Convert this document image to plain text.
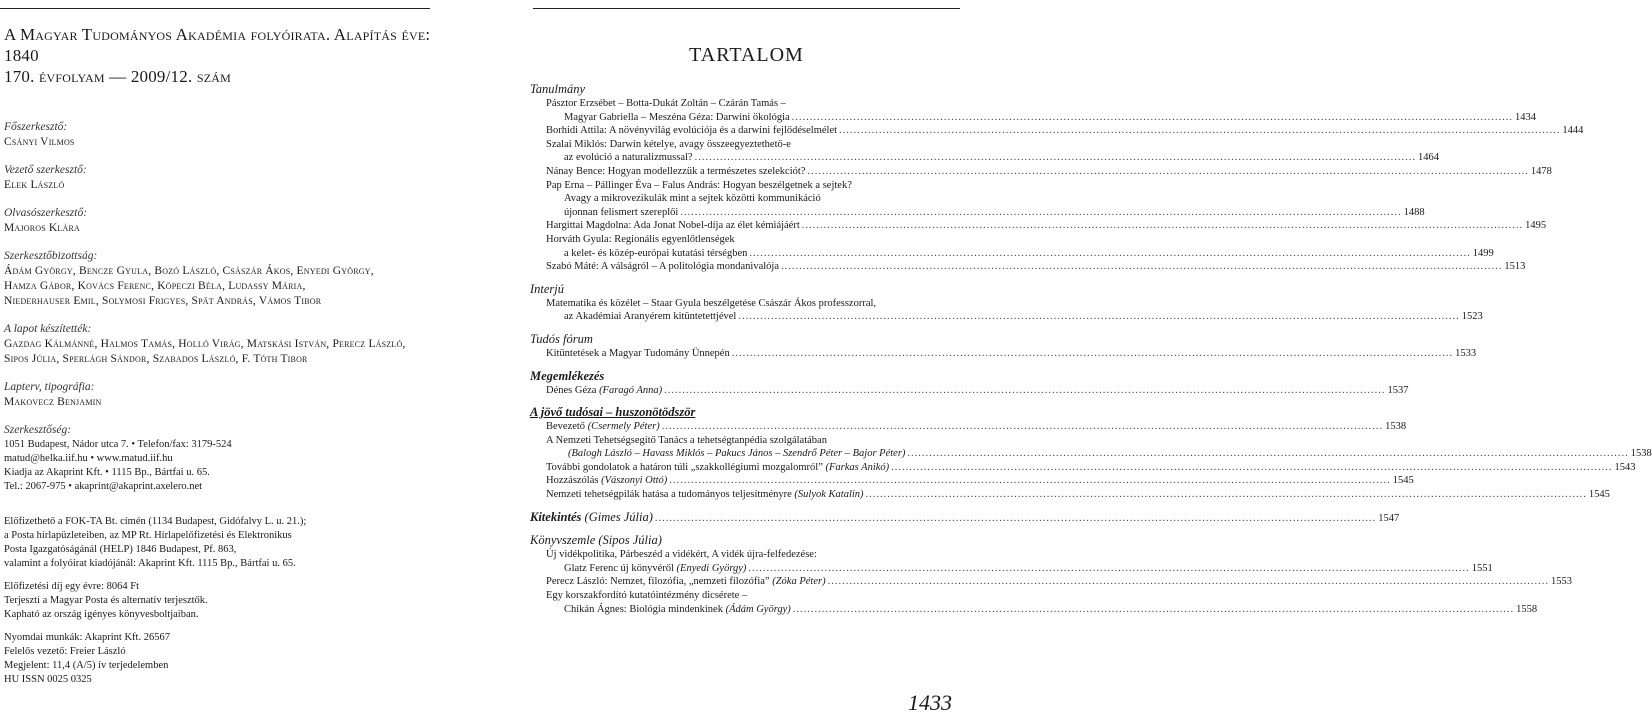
A Magyar Tudományos Akadémia folyóirata. Alapítás éve: 1840
170. évfolyam — 2009/12. szám
Főszerkesztő:
Csányi Vilmos
Vezető szerkesztő:
Elek László
Olvasószerkesztő:
Majoros Klára
Szerkesztőbizottság:
Ádám György, Bencze Gyula, Bozó László, Császár Ákos, Enyedi György,
Hamza Gábor, Kovács Ferenc, Köpeczi Béla, Ludassy Mária,
Niederhauser Emil, Solymosi Frigyes, Spät András, Vámos Tibor
A lapot készítették:
Gazdag Kálmánné, Halmos Tamás, Holló Virág, Matskási István, Perecz László,
Sipos Júlia, Sperlágh Sándor, Szabados László, F. Tóth Tibor
Lapterv, tipográfia:
Makovecz Benjamin
Szerkesztőség:
1051 Budapest, Nádor utca 7. • Telefon/fax: 3179-524
matud@helka.iif.hu • www.matud.iif.hu
Kiadja az Akaprint Kft. • 1115 Bp., Bártfai u. 65.
Tel.: 2067-975 • akaprint@akaprint.axelero.net
Előfizethető a FOK-TA Bt. címén (1134 Budapest, Gidófalvy L. u. 21.);
a Posta hírlapüzleteiben, az MP Rt. Hírlapelőfizetési és Elektronikus
Posta Igazgatóságánál (HELP) 1846 Budapest, Pf. 863,
valamint a folyóirat kiadójánál: Akaprint Kft. 1115 Bp., Bártfai u. 65.
Előfizetési díj egy évre: 8064 Ft
Terjeszti a Magyar Posta és alternatív terjesztők.
Kapható az ország igényes könyvesboltjaiban.
Nyomdai munkák: Akaprint Kft. 26567
Felelős vezető: Freier László
Megjelent: 11,4 (A/5) ív terjedelemben
HU ISSN 0025 0325
TARTALOM
Tanulmány
Pásztor Erzsébet – Botta-Dukát Zoltán – Czárán Tamás –
Magyar Gabriella – Meszéna Géza: Darwini ökológia .....	1434
Borhidi Attila: A növényvilág evolúciója és a darwini fejlődéselmélet .....	1444
Szalai Miklós: Darwin kételye, avagy összeegyeztethető-e
az evolúció a naturalizmussal? .....	1464
Nánay Bence: Hogyan modellezzük a természetes szelekciót? .....	1478
Pap Erna – Pállinger Éva – Falus András: Hogyan beszélgetnek a sejtek?
Avagy a mikrovezikulák mint a sejtek közötti kommunikáció
újonnan felismert szereplői .....	1488
Hargittai Magdolna: Ada Jonat Nobel-díja az élet kémiájáért .....	1495
Horváth Gyula: Regionális egyenlőtlenségek
a kelet- és közép-európai kutatási térségben .....	1499
Szabó Máté: A válságról – A politológia mondanivalója .....	1513
Interjú
Matematika és közélet – Staar Gyula beszélgetése Császár Ákos professzorral,
az Akadémiai Aranyérem kitüntetettjével .....	1523
Tudós fórum
Kitüntetések a Magyar Tudomány Ünnepén .....	1533
Megemlékezés
Dénes Géza (Faragó Anna) .....	1537
A jövő tudósai – huszonötödször
Bevezető (Csermely Péter) .....	1538
A Nemzeti Tehetségsegítő Tanács a tehetségtanpédia szolgálatában
(Balogh László – Havass Miklós – Pakucs János – Szendrő Péter – Bajor Péter) .....	1538
További gondolatok a határon túli „szakkollégiumi mozgalomról” (Farkas Anikó) .....	1543
Hozzászólás (Vászonyi Ottó) .....	1545
Nemzeti tehetségpilák hatása a tudományos teljesítményre (Sulyok Katalin) .....	1545
Kitekintés (Gimes Júlia) .....	1547
Könyvszemle (Sipos Júlia)
Új vidékpolitika, Párbeszéd a vidékért, A vidék újra-felfedezése:
Glatz Ferenc új könyvéről (Enyedi György) .....	1551
Perecz László: Nemzet, filozófia, „nemzeti filozófia” (Zóka Péter) .....	1553
Egy korszakfordító kutatóintézmény dicsérete –
Chikán Ágnes: Biológia mindenkinek (Ádám György) .....	1558
1433
